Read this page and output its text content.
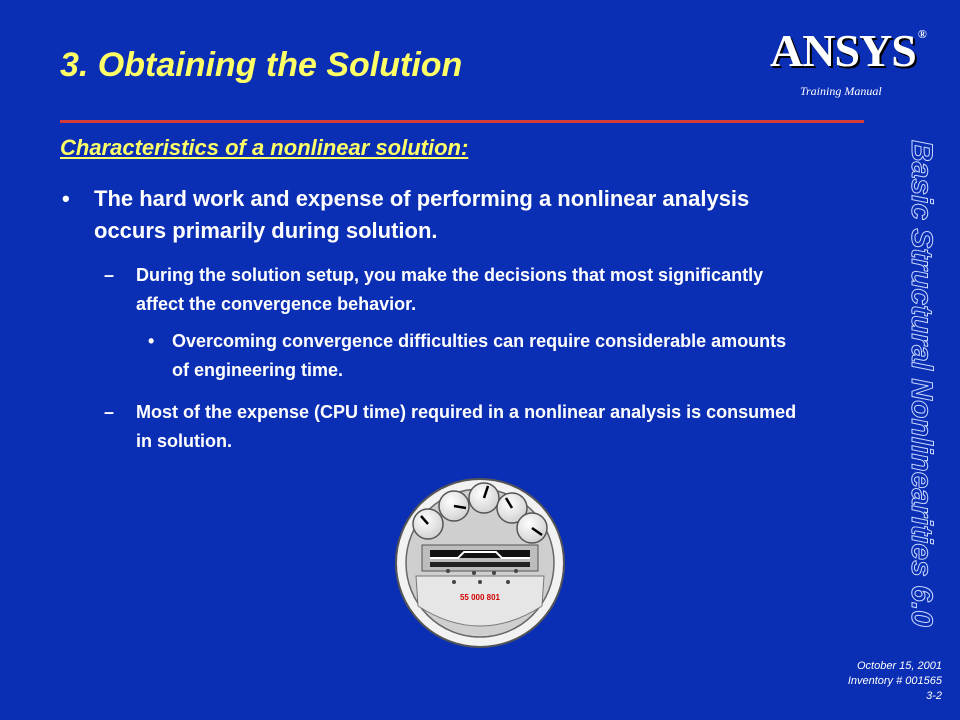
3. Obtaining the Solution	ANSYS ®
Training Manual
Characteristics of a nonlinear solution:
• The hard work and expense of performing a nonlinear analysis occurs primarily during solution.
– During the solution setup, you make the decisions that most significantly affect the convergence behavior.
• Overcoming convergence difficulties can require considerable amounts of engineering time.
– Most of the expense (CPU time) required in a nonlinear analysis is consumed in solution.	Basic Structural Nonlinearities 6.0
55 000 801
October 15, 2001
Inventory # 001565
3-2
